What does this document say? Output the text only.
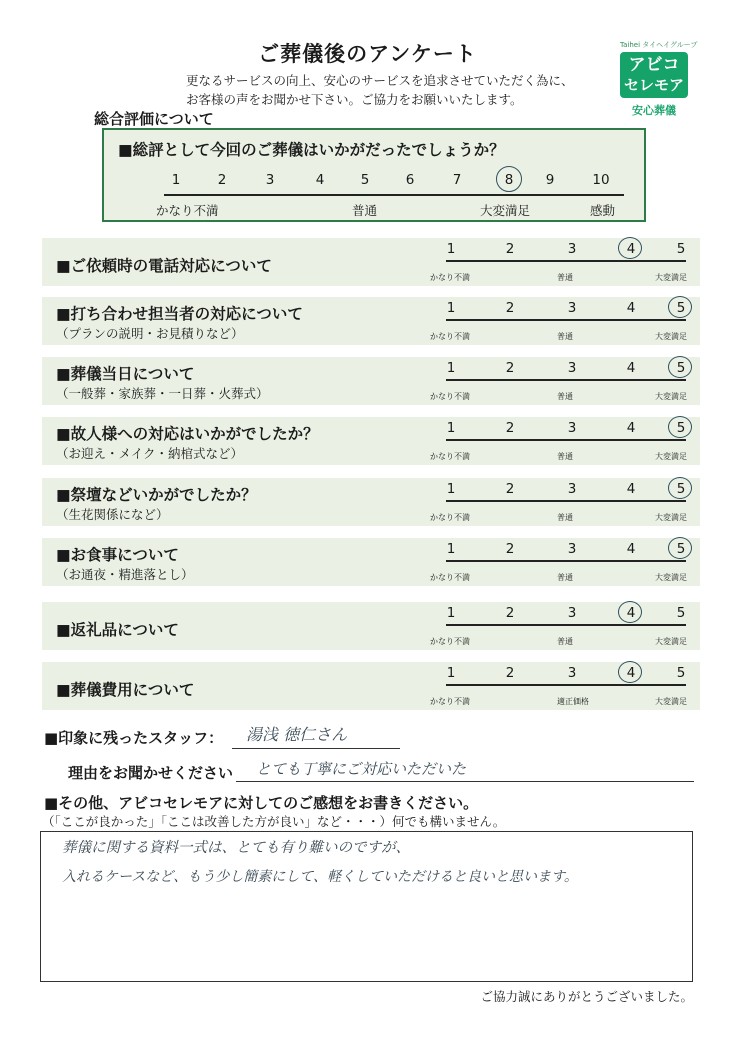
ご葬儀後のアンケート
更なるサービスの向上、安心のサービスを追求させていただく為に、
お客様の声をお聞かせ下さい。ご協力をお願いいたします。
Taihei タイヘイグループ
アビコ
セレモア
安心葬儀
総合評価について
■総評として今回のご葬儀はいかがだったでしょうか？
1	2	3	4	5	6	7	8	9	10
かなり不満	普通	大変満足	感動
■ご依頼時の電話対応について
1	2	3	4	5
かなり不満	普通	大変満足
■打ち合わせ担当者の対応について
（プランの説明・お見積りなど）
1	2	3	4	5
かなり不満	普通	大変満足
■葬儀当日について
（一般葬・家族葬・一日葬・火葬式）
1	2	3	4	5
かなり不満	普通	大変満足
■故人様への対応はいかがでしたか？
（お迎え・メイク・納棺式など）
1	2	3	4	5
かなり不満	普通	大変満足
■祭壇などいかがでしたか？
（生花関係になど）
1	2	3	4	5
かなり不満	普通	大変満足
■お食事について
（お通夜・精進落とし）
1	2	3	4	5
かなり不満	普通	大変満足
■返礼品について
1	2	3	4	5
かなり不満	普通	大変満足
■葬儀費用について
1	2	3	4	5
かなり不満	適正価格	大変満足
■印象に残ったスタッフ： 湯浅 徳仁さん
理由をお聞かせください とても丁寧にご対応いただいた
■その他、アビコセレモアに対してのご感想をお書きください。
（「ここが良かった」「ここは改善した方が良い」など・・・）何でも構いません。
葬儀に関する資料一式は、とても有り難いのですが、
入れるケースなど、もう少し簡素にして、軽くしていただけると良いと思います。
ご協力誠にありがとうございました。
